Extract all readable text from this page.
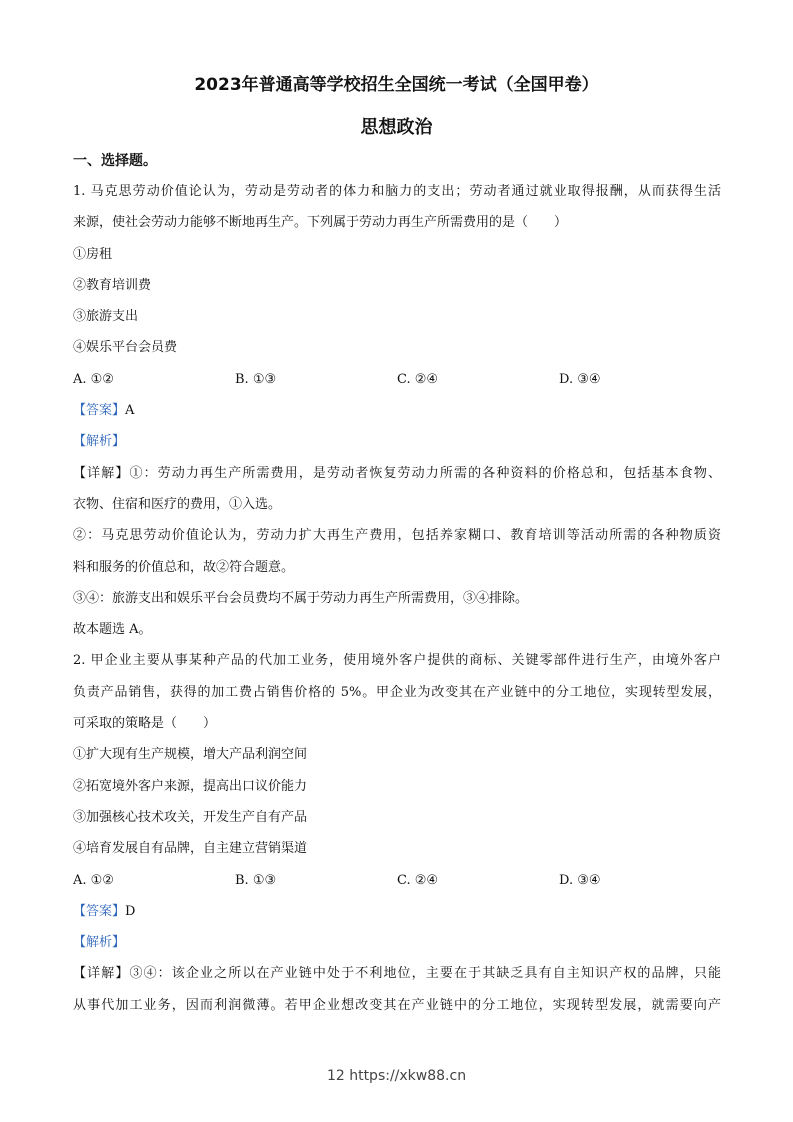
2023年普通高等学校招生全国统一考试（全国甲卷）
思想政治
一、选择题。
1. 马克思劳动价值论认为，劳动是劳动者的体力和脑力的支出；劳动者通过就业取得报酬，从而获得生活
来源，使社会劳动力能够不断地再生产。下列属于劳动力再生产所需费用的是（　　）
①房租
②教育培训费
③旅游支出
④娱乐平台会员费
A. ①②	B. ①③	C. ②④	D. ③④
【答案】A
【解析】
【详解】①：劳动力再生产所需费用，是劳动者恢复劳动力所需的各种资料的价格总和，包括基本食物、
衣物、住宿和医疗的费用，①入选。
②：马克思劳动价值论认为，劳动力扩大再生产费用，包括养家糊口、教育培训等活动所需的各种物质资
料和服务的价值总和，故②符合题意。
③④：旅游支出和娱乐平台会员费均不属于劳动力再生产所需费用，③④排除。
故本题选 A。
2. 甲企业主要从事某种产品的代加工业务，使用境外客户提供的商标、关键零部件进行生产，由境外客户
负责产品销售，获得的加工费占销售价格的 5%。甲企业为改变其在产业链中的分工地位，实现转型发展，
可采取的策略是（　　）
①扩大现有生产规模，增大产品利润空间
②拓宽境外客户来源，提高出口议价能力
③加强核心技术攻关，开发生产自有产品
④培育发展自有品牌，自主建立营销渠道
A. ①②	B. ①③	C. ②④	D. ③④
【答案】D
【解析】
【详解】③④：该企业之所以在产业链中处于不利地位，主要在于其缺乏具有自主知识产权的品牌，只能
从事代加工业务，因而利润微薄。若甲企业想改变其在产业链中的分工地位，实现转型发展，就需要向产
12 https://xkw88.cn
